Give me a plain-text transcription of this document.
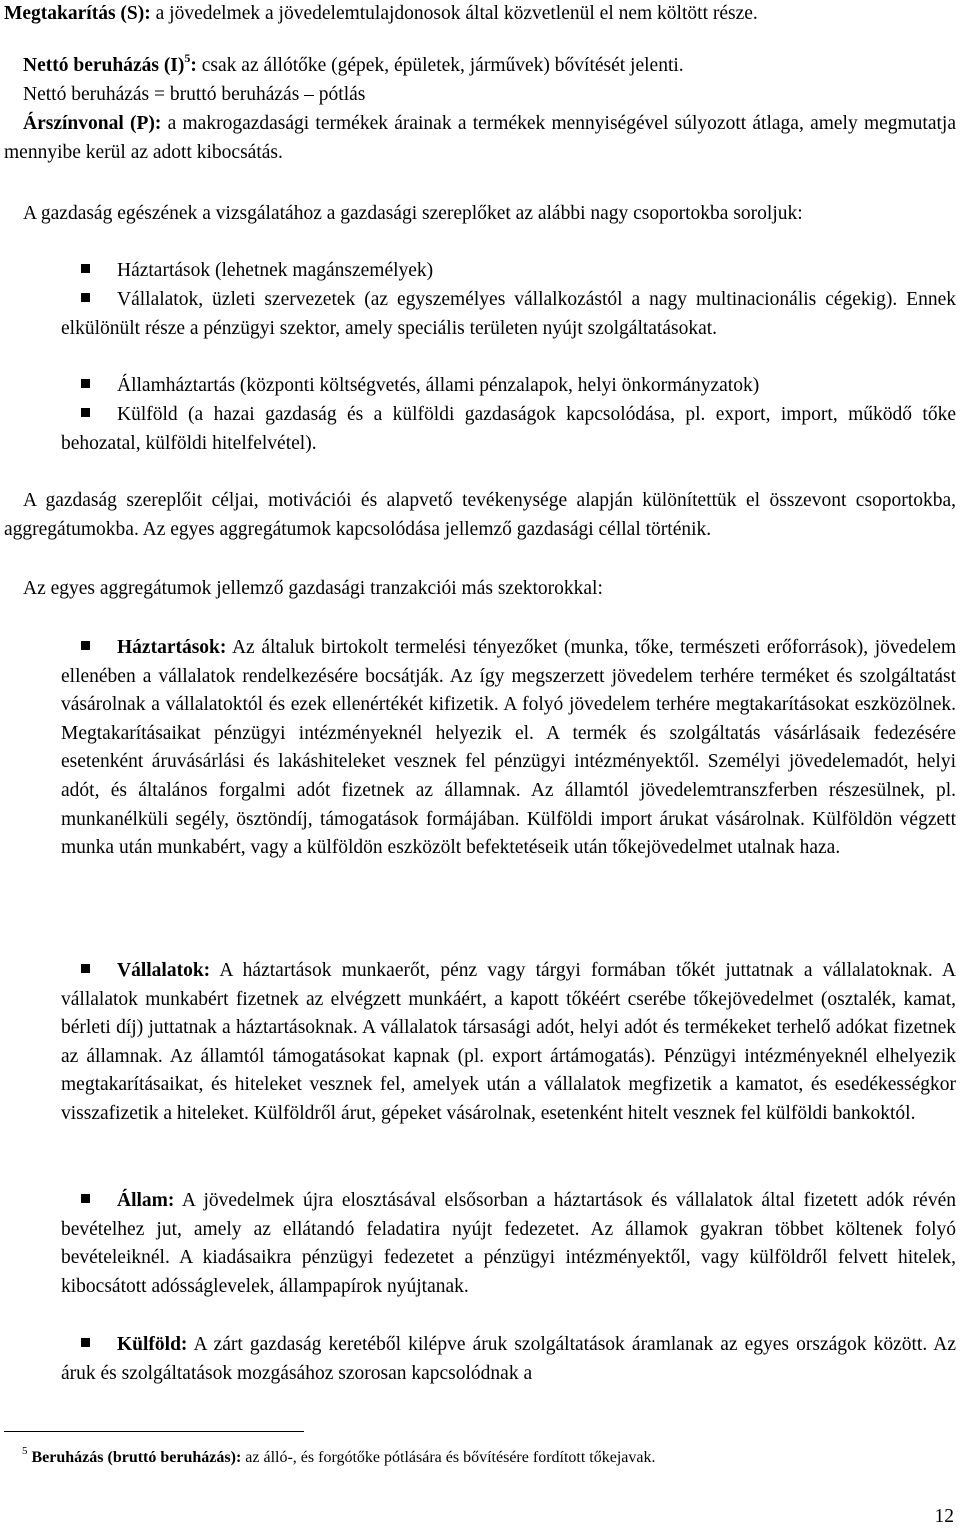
Megtakarítás (S): a jövedelmek a jövedelemtulajdonosok által közvetlenül el nem költött része.

Nettó beruházás $(I)^5$: csak az állótőke (gépek, épületek, járművek) bővítését jelenti.

Nettó beruházás = bruttó beruházás – pótlás

Árszínvonal (P): a makrogazdasági termékek árainak a termékek mennyiségével súlyozott átlaga, amely megmutatja mennyibe kerül az adott kibocsátás.

A gazdaság egészének a vizsgálatához a gazdasági szereplőket az alábbi nagy csoportokba soroljuk:

Háztartások (lehetnek magánszemélyek)

Vállalatok, üzleti szervezetek (az egyszemélyes vállalkozástól a nagy multinacionális cégekig). Ennek elkülönült része a pénzügyi szektor, amely speciális területen nyújt szolgáltatásokat.

Államháztartás (központi költségvetés, állami pénzalapok, helyi önkormányzatok)

Külföld (a hazai gazdaság és a külföldi gazdaságok kapcsolódása, pl. export, import, működő tőke behozatal, külföldi hitelfelvétel).

A gazdaság szereplőit céljai, motivációi és alapvető tevékenysége alapján különítettük el összevont csoportokba, aggregátumokba. Az egyes aggregátumok kapcsolódása jellemző gazdasági céllal történik.

Az egyes aggregátumok jellemző gazdasági tranzakciói más szektorokkal:

Háztartások: Az általuk birtokolt termelési tényezőket (munka, tőke, természeti erőforrások), jövedelem ellenében a vállalatok rendelkezésére bocsátják. Az így megszerzett jövedelem terhére terméket és szolgáltatást vásárolnak a vállalatoktól és ezek ellenértékét kifizetik. A folyó jövedelem terhére megtakarításokat eszközölnek. Megtakarításaikat pénzügyi intézményeknél helyezik el. A termék és szolgáltatás vásárlásaik fedezésére esetenként áruvásárlási és lakáshiteleket vesznek fel pénzügyi intézményektől. Személyi jövedelemadót, helyi adót, és általános forgalmi adót fizetnek az államnak. Az államtól jövedelemtranszferben részesülnek, pl. munkanélküli segély, ösztöndíj, támogatások formájában. Külföldi import árukat vásárolnak. Külföldön végzett munka után munkabért, vagy a külföldön eszközölt befektetéseik után tőkejövedelmet utalnak haza.

Vállalatok: A háztartások munkaerőt, pénz vagy tárgyi formában tőkét juttatnak a vállalatoknak. A vállalatok munkabért fizetnek az elvégzett munkáért, a kapott tőkéért cserébe tőkejövedelmet (osztalék, kamat, bérleti díj) juttatnak a háztartásoknak. A vállalatok társasági adót, helyi adót és termékeket terhelő adókat fizetnek az államnak. Az államtól támogatásokat kapnak (pl. export ártámogatás). Pénzügyi intézményeknél elhelyezik megtakarításaikat, és hiteleket vesznek fel, amelyek után a vállalatok megfizetik a kamatot, és esedékességkor visszafizetik a hiteleket. Külföldről árut, gépeket vásárolnak, esetenként hitelt vesznek fel külföldi bankoktól.

Állam: A jövedelmek újra elosztásával elsősorban a háztartások és vállalatok által fizetett adók révén bevételhez jut, amely az ellátandó feladatira nyújt fedezetet. Az államok gyakran többet költenek folyó bevételeiknél. A kiadásaikra pénzügyi fedezetet a pénzügyi intézményektől, vagy külföldről felvett hitelek, kibocsátott adósságlevelek, állampapírok nyújtanak.

Külföld: A zárt gazdaság keretéből kilépve áruk szolgáltatások áramlanak az egyes országok között. Az áruk és szolgáltatások mozgásához szorosan kapcsolódnak a

$^5$ Beruházás (bruttó beruházás): az álló-, és forgótőke pótlására és bővítésére fordított tőkejavak.

12
